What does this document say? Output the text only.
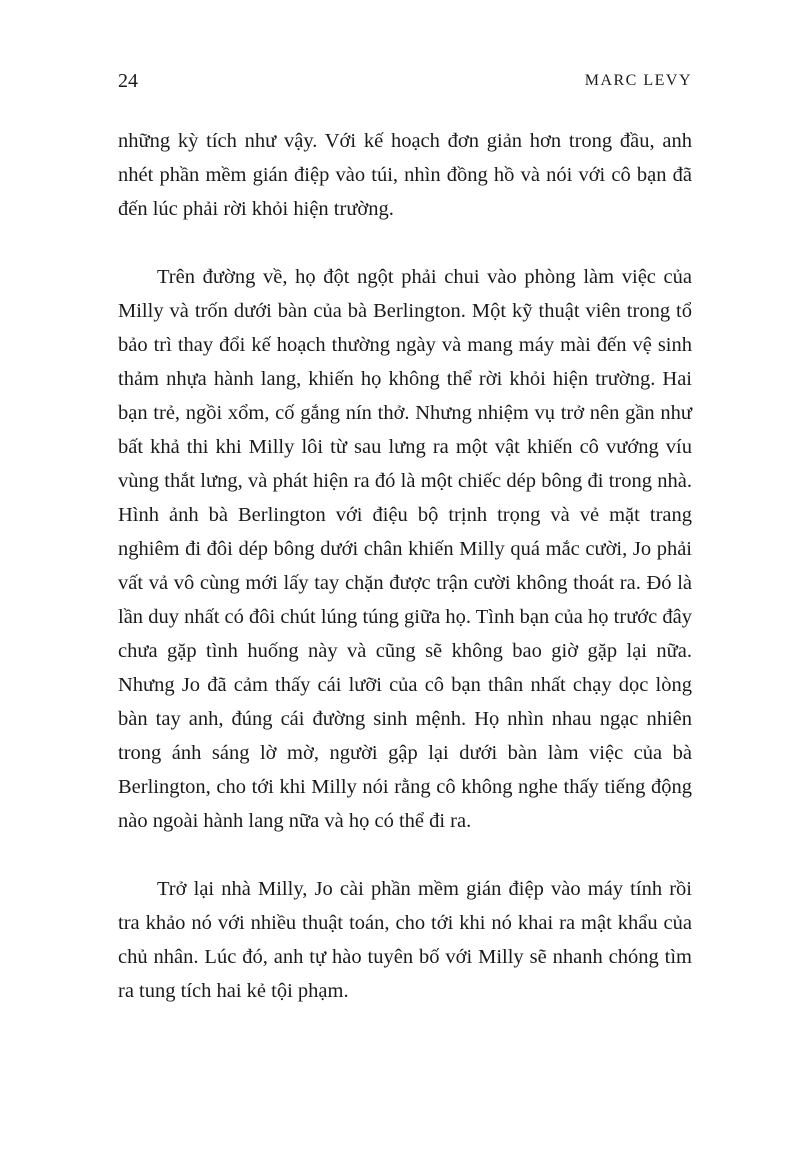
24	MARC LEVY

những kỳ tích như vậy. Với kế hoạch đơn giản hơn trong đầu, anh nhét phần mềm gián điệp vào túi, nhìn đồng hồ và nói với cô bạn đã đến lúc phải rời khỏi hiện trường.

Trên đường về, họ đột ngột phải chui vào phòng làm việc của Milly và trốn dưới bàn của bà Berlington. Một kỹ thuật viên trong tổ bảo trì thay đổi kế hoạch thường ngày và mang máy mài đến vệ sinh thảm nhựa hành lang, khiến họ không thể rời khỏi hiện trường. Hai bạn trẻ, ngồi xổm, cố gắng nín thở. Nhưng nhiệm vụ trở nên gần như bất khả thi khi Milly lôi từ sau lưng ra một vật khiến cô vướng víu vùng thắt lưng, và phát hiện ra đó là một chiếc dép bông đi trong nhà. Hình ảnh bà Berlington với điệu bộ trịnh trọng và vẻ mặt trang nghiêm đi đôi dép bông dưới chân khiến Milly quá mắc cười, Jo phải vất vả vô cùng mới lấy tay chặn được trận cười không thoát ra. Đó là lần duy nhất có đôi chút lúng túng giữa họ. Tình bạn của họ trước đây chưa gặp tình huống này và cũng sẽ không bao giờ gặp lại nữa. Nhưng Jo đã cảm thấy cái lưỡi của cô bạn thân nhất chạy dọc lòng bàn tay anh, đúng cái đường sinh mệnh. Họ nhìn nhau ngạc nhiên trong ánh sáng lờ mờ, người gập lại dưới bàn làm việc của bà Berlington, cho tới khi Milly nói rằng cô không nghe thấy tiếng động nào ngoài hành lang nữa và họ có thể đi ra.

Trở lại nhà Milly, Jo cài phần mềm gián điệp vào máy tính rồi tra khảo nó với nhiều thuật toán, cho tới khi nó khai ra mật khẩu của chủ nhân. Lúc đó, anh tự hào tuyên bố với Milly sẽ nhanh chóng tìm ra tung tích hai kẻ tội phạm.
